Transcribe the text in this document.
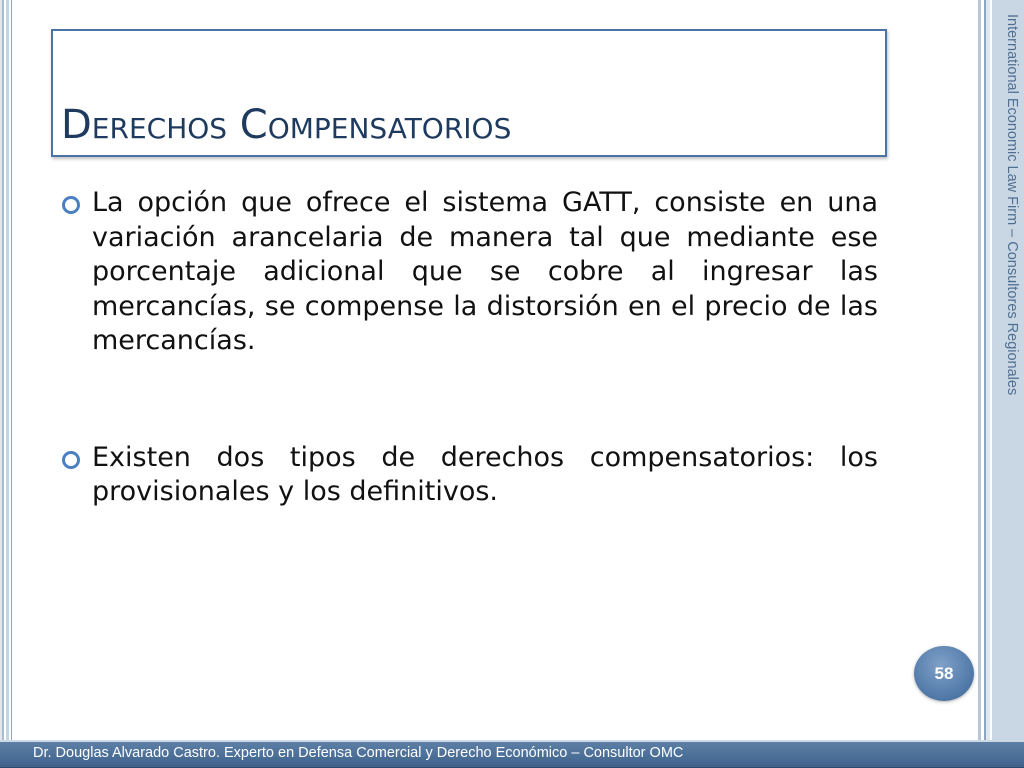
International Economic Law Firm – Consultores Regionales
Derechos Compensatorios
La opción que ofrece el sistema GATT, consiste en una variación arancelaria de manera tal que mediante ese porcentaje adicional que se cobre al ingresar las mercancías, se compense la distorsión en el precio de las mercancías.
Existen dos tipos de derechos compensatorios: los provisionales y los definitivos.
58
Dr. Douglas Alvarado Castro. Experto en Defensa Comercial y Derecho Económico – Consultor OMC
